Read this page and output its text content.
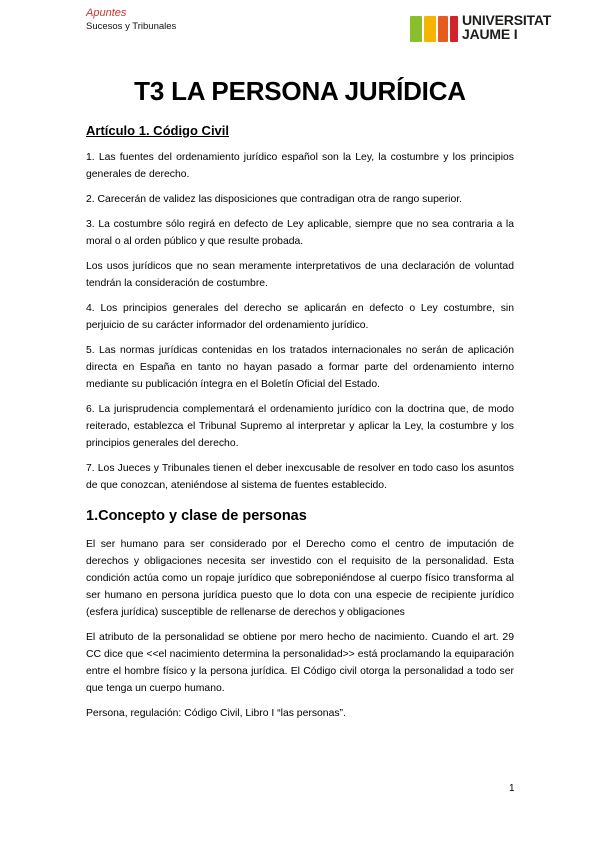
Apuntes
Sucesos y Tribunales	UNIVERSITAT
JAUME I
T3 LA PERSONA JURÍDICA
Artículo 1. Código Civil
1. Las fuentes del ordenamiento jurídico español son la Ley, la costumbre y los principios generales de derecho.
2. Carecerán de validez las disposiciones que contradigan otra de rango superior.
3. La costumbre sólo regirá en defecto de Ley aplicable, siempre que no sea contraria a la moral o al orden público y que resulte probada.
Los usos jurídicos que no sean meramente interpretativos de una declaración de voluntad tendrán la consideración de costumbre.
4. Los principios generales del derecho se aplicarán en defecto o Ley costumbre, sin perjuicio de su carácter informador del ordenamiento jurídico.
5. Las normas jurídicas contenidas en los tratados internacionales no serán de aplicación directa en España en tanto no hayan pasado a formar parte del ordenamiento interno mediante su publicación íntegra en el Boletín Oficial del Estado.
6. La jurisprudencia complementará el ordenamiento jurídico con la doctrina que, de modo reiterado, establezca el Tribunal Supremo al interpretar y aplicar la Ley, la costumbre y los principios generales del derecho.
7. Los Jueces y Tribunales tienen el deber inexcusable de resolver en todo caso los asuntos de que conozcan, ateniéndose al sistema de fuentes establecido.
1.Concepto y clase de personas
El ser humano para ser considerado por el Derecho como el centro de imputación de derechos y obligaciones necesita ser investido con el requisito de la personalidad. Esta condición actúa como un ropaje jurídico que sobreponiéndose al cuerpo físico transforma al ser humano en persona jurídica puesto que lo dota con una especie de recipiente jurídico (esfera jurídica) susceptible de rellenarse de derechos y obligaciones
El atributo de la personalidad se obtiene por mero hecho de nacimiento. Cuando el art. 29 CC dice que <<el nacimiento determina la personalidad>> está proclamando la equiparación entre el hombre físico y la persona jurídica. El Código civil otorga la personalidad a todo ser que tenga un cuerpo humano.
Persona, regulación: Código Civil, Libro I “las personas”.
1
